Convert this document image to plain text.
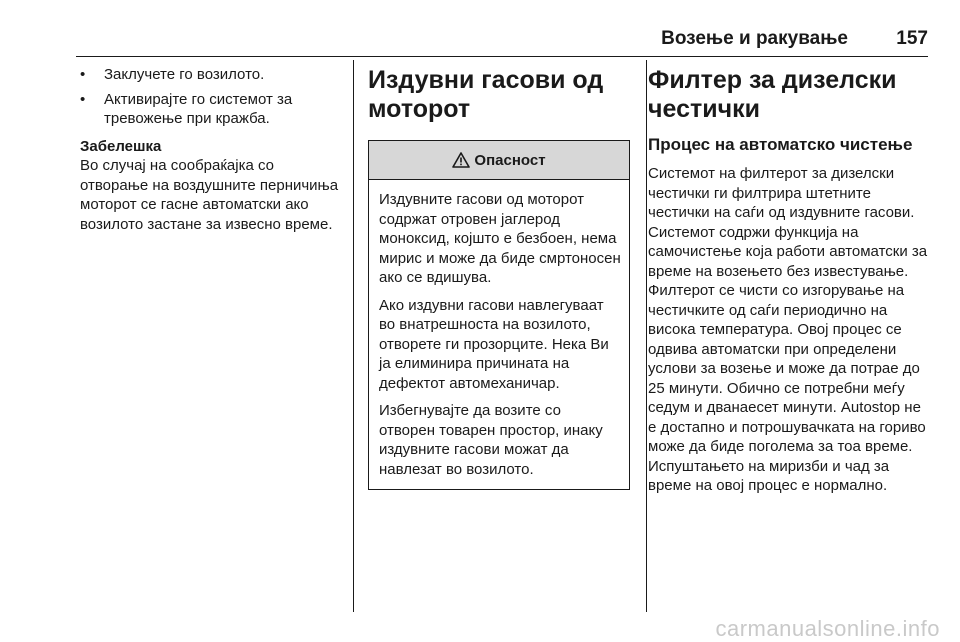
Возење и ракување	157
• Заклучете го возилото.
• Активирајте го системот за тревожење при кражба.
Забелешка
Во случај на сообраќајка со отворање на воздушните перничиња моторот се гасне автоматски ако возилото застане за извесно време.
Издувни гасови од моторот
Опасност

Издувните гасови од моторот содржат отровен јаглерод моноксид, којшто е безбоен, нема мирис и може да биде смртоносен ако се вдишува.

Ако издувни гасови навлегуваат во внатрешноста на возилото, отворете ги прозорците. Нека Ви ја елиминира причината на дефектот автомеханичар.

Избегнувајте да возите со отворен товарен простор, инаку издувните гасови можат да навлезат во возилото.

Филтер за дизелски честички
Процес на автоматско чистење

Системот на филтерот за дизелски честички ги филтрира штетните честички на саѓи од издувните гасови. Системот содржи функција на самочистење која работи автоматски за време на возењето без известување. Филтерот се чисти со изгорување на честичките од саѓи периодично на висока температура. Овој процес се одвива автоматски при определени услови за возење и може да потрае до 25 минути. Обично се потребни меѓу седум и дванаесет минути. Autostop не е достапно и потрошувачката на гориво може да биде поголема за тоа време. Испуштањето на миризби и чад за време на овој процес е нормално.

carmanualsonline.info
